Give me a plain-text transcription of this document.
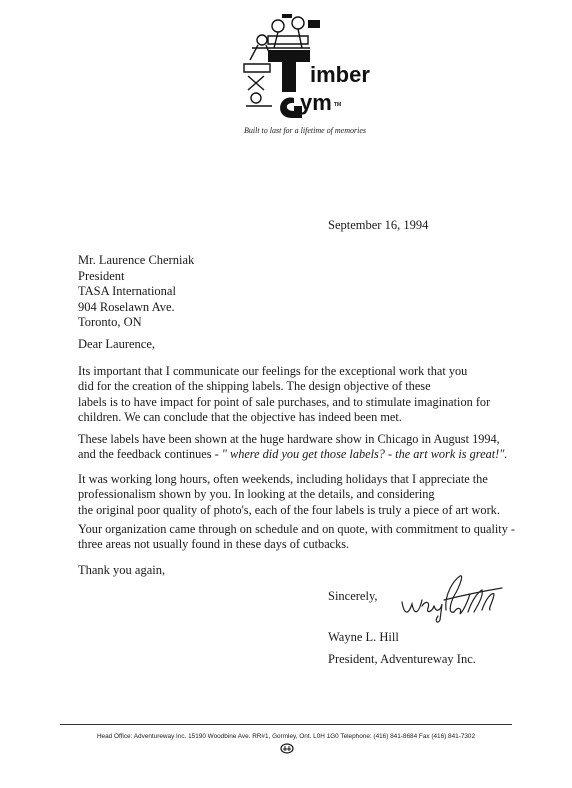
imber
ym TM
Built to last for a lifetime of memories
September 16, 1994
Mr. Laurence Cherniak
President
TASA International
904 Roselawn Ave.
Toronto, ON
Dear Laurence,
Its important that I communicate our feelings for the exceptional work that you
did for the creation of the shipping labels. The design objective of these
labels is to have impact for point of sale purchases, and to stimulate imagination for
children. We can conclude that the objective has indeed been met.
These labels have been shown at the huge hardware show in Chicago in August 1994,
and the feedback continues - " where did you get those labels? - the art work is great!".
It was working long hours, often weekends, including holidays that I appreciate the
professionalism shown by you. In looking at the details, and considering
the original poor quality of photo's, each of the four labels is truly a piece of art work.
Your organization came through on schedule and on quote, with commitment to quality -
three areas not usually found in these days of cutbacks.
Thank you again,
Sincerely,
Wayne L. Hill
President, Adventureway Inc.
Head Office: Adventureway Inc. 15190 Woodbine Ave. RR#1, Gormley, Ont. L0H 1G0 Telephone: (416) 841-8684 Fax (416) 841-7302
